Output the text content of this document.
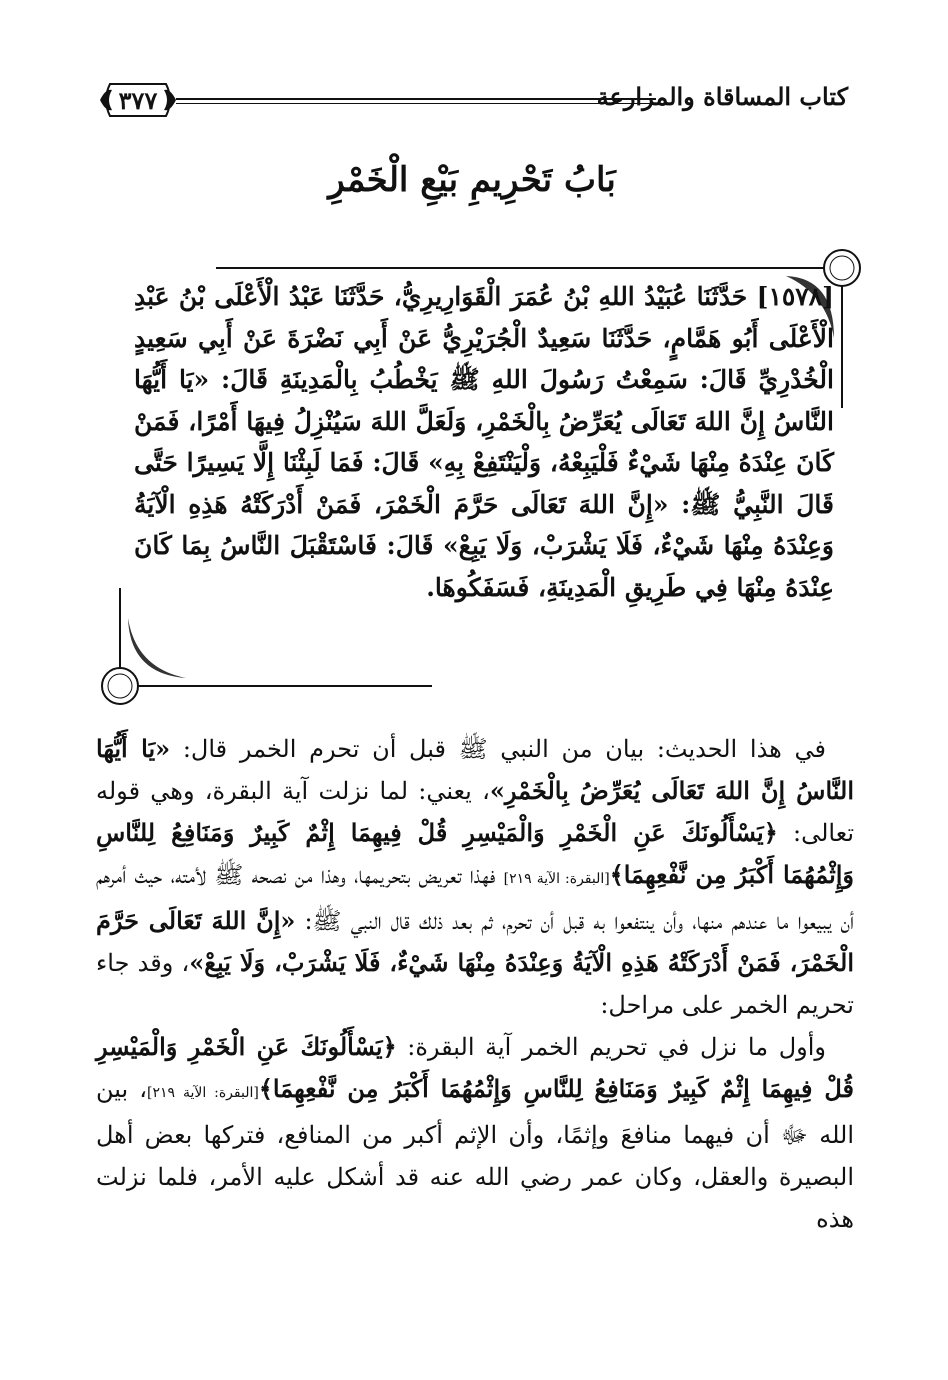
كتاب المساقاة والمزارعة
٣٧٧
بَابُ تَحْرِيمِ بَيْعِ الْخَمْرِ
[١٥٧٨] حَدَّثَنَا عُبَيْدُ اللهِ بْنُ عُمَرَ الْقَوَارِيرِيُّ، حَدَّثَنَا عَبْدُ الْأَعْلَى بْنُ عَبْدِ الْأَعْلَى أَبُو هَمَّامٍ، حَدَّثَنَا سَعِيدٌ الْجُرَيْرِيُّ عَنْ أَبِي نَضْرَةَ عَنْ أَبِي سَعِيدٍ الْخُدْرِيِّ قَالَ: سَمِعْتُ رَسُولَ اللهِ ﷺ يَخْطُبُ بِالْمَدِينَةِ قَالَ: «يَا أَيُّهَا النَّاسُ إِنَّ اللهَ تَعَالَى يُعَرِّضُ بِالْخَمْرِ، وَلَعَلَّ اللهَ سَيُنْزِلُ فِيهَا أَمْرًا، فَمَنْ كَانَ عِنْدَهُ مِنْهَا شَيْءٌ فَلْيَبِعْهُ، وَلْيَنْتَفِعْ بِهِ» قَالَ: فَمَا لَبِثْنَا إِلَّا يَسِيرًا حَتَّى قَالَ النَّبِيُّ ﷺ: «إِنَّ اللهَ تَعَالَى حَرَّمَ الْخَمْرَ، فَمَنْ أَدْرَكَتْهُ هَذِهِ الْآيَةُ وَعِنْدَهُ مِنْهَا شَيْءٌ، فَلَا يَشْرَبْ، وَلَا يَبِعْ» قَالَ: فَاسْتَقْبَلَ النَّاسُ بِمَا كَانَ عِنْدَهُ مِنْهَا فِي طَرِيقِ الْمَدِينَةِ، فَسَفَكُوهَا.

في هذا الحديث: بيان من النبي ﷺ قبل أن تحرم الخمر قال: «يَا أَيُّهَا النَّاسُ إِنَّ اللهَ تَعَالَى يُعَرِّضُ بِالْخَمْرِ»، يعني: لما نزلت آية البقرة، وهي قوله تعالى: ﴿يَسْأَلُونَكَ عَنِ الْخَمْرِ وَالْمَيْسِرِ قُلْ فِيهِمَا إِثْمٌ كَبِيرٌ وَمَنَافِعُ لِلنَّاسِ وَإِثْمُهُمَا أَكْبَرُ مِن نَّفْعِهِمَا﴾[البقرة: الآية ٢١٩] فهذا تعريض بتحريمها، وهذا من نصحه ﷺ لأمته، حيث أمرهم أن يبيعوا ما عندهم منها، وأن ينتفعوا به قبل أن تحرم، ثم بعد ذلك قال النبي ﷺ: «إِنَّ اللهَ تَعَالَى حَرَّمَ الْخَمْرَ، فَمَنْ أَدْرَكَتْهُ هَذِهِ الْآيَةُ وَعِنْدَهُ مِنْهَا شَيْءٌ، فَلَا يَشْرَبْ، وَلَا يَبِعْ»، وقد جاء تحريم الخمر على مراحل:

وأول ما نزل في تحريم الخمر آية البقرة: ﴿يَسْأَلُونَكَ عَنِ الْخَمْرِ وَالْمَيْسِرِ قُلْ فِيهِمَا إِثْمٌ كَبِيرٌ وَمَنَافِعُ لِلنَّاسِ وَإِثْمُهُمَا أَكْبَرُ مِن نَّفْعِهِمَا﴾[البقرة: الآية ٢١٩]، بين الله ﷻ أن فيهما منافعَ وإثمًا، وأن الإثم أكبر من المنافع، فتركها بعض أهل البصيرة والعقل، وكان عمر رضي الله عنه قد أشكل عليه الأمر، فلما نزلت هذه
